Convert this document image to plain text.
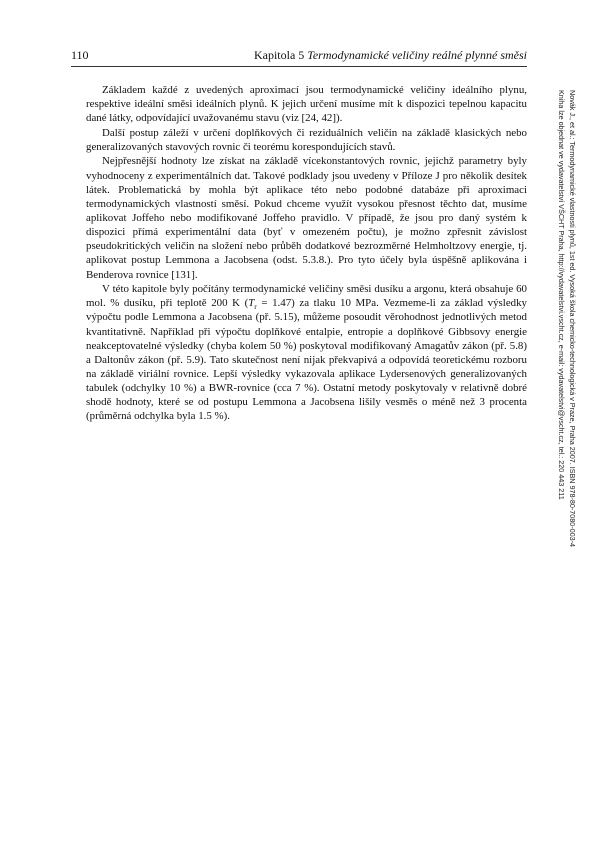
110	Kapitola 5 Termodynamické veličiny reálné plynné směsi

Základem každé z uvedených aproximací jsou termodynamické veličiny ideálního plynu, respektive ideální směsi ideálních plynů. K jejich určení musíme mít k dispozici tepelnou kapacitu dané látky, odpovídající uvažovanému stavu (viz [24, 42]).

Další postup záleží v určení doplňkových či reziduálních veličin na základě klasických nebo generalizovaných stavových rovnic či teorému korespondujících stavů.

Nejpřesnější hodnoty lze získat na základě vícekonstantových rovnic, jejichž parametry byly vyhodnoceny z experimentálních dat. Takové podklady jsou uvedeny v Příloze J pro několik desítek látek. Problematická by mohla být aplikace této nebo podobné databáze při aproximaci termodynamických vlastností směsí. Pokud chceme využít vysokou přesnost těchto dat, musíme aplikovat Joffeho nebo modifikované Joffeho pravidlo. V případě, že jsou pro daný systém k dispozici přímá experimentální data (byť v omezeném počtu), je možno zpřesnit závislost pseudokritických veličin na složení nebo průběh dodatkové bezrozměrné Helmholtzovy energie, tj. aplikovat postup Lemmona a Jacobsena (odst. 5.3.8.). Pro tyto účely byla úspěšně aplikována i Benderova rovnice [131].

V této kapitole byly počítány termodynamické veličiny směsi dusíku a argonu, která obsahuje 60 mol. % dusíku, při teplotě 200 K $(T_r = 1.47)$ za tlaku 10 MPa. Vezmeme-li za základ výsledky výpočtu podle Lemmona a Jacobsena (př. 5.15), můžeme posoudit věrohodnost jednotlivých metod kvantitativně. Například při výpočtu doplňkové entalpie, entropie a doplňkové Gibbsovy energie neakceptovatelné výsledky (chyba kolem 50 %) poskytoval modifikovaný Amagatův zákon (př. 5.8) a Daltonův zákon (př. 5.9). Tato skutečnost není nijak překvapivá a odpovídá teoretickému rozboru na základě viriální rovnice. Lepší výsledky vykazovala aplikace Lydersenových generalizovaných tabulek (odchylky 10 %) a BWR-rovnice (cca 7 %). Ostatní metody poskytovaly v relativně dobré shodě hodnoty, které se od postupu Lemmona a Jacobsena lišily vesměs o méně než 3 procenta (průměrná odchylka byla 1.5 %).	Novák J., et al.: Termodynamické vlastnosti plynů, 1st ed. Vysoká škola chemicko-technologická v Praze, Praha 2007. ISBN 978-80-7080-003-4
Kniha lze objednat ve vydavatelství VŠCHT Praha, http://vydavatelstvi.vscht.cz, e-mail: vydavatelstvi@vscht.cz, tel.: 220 443 211
